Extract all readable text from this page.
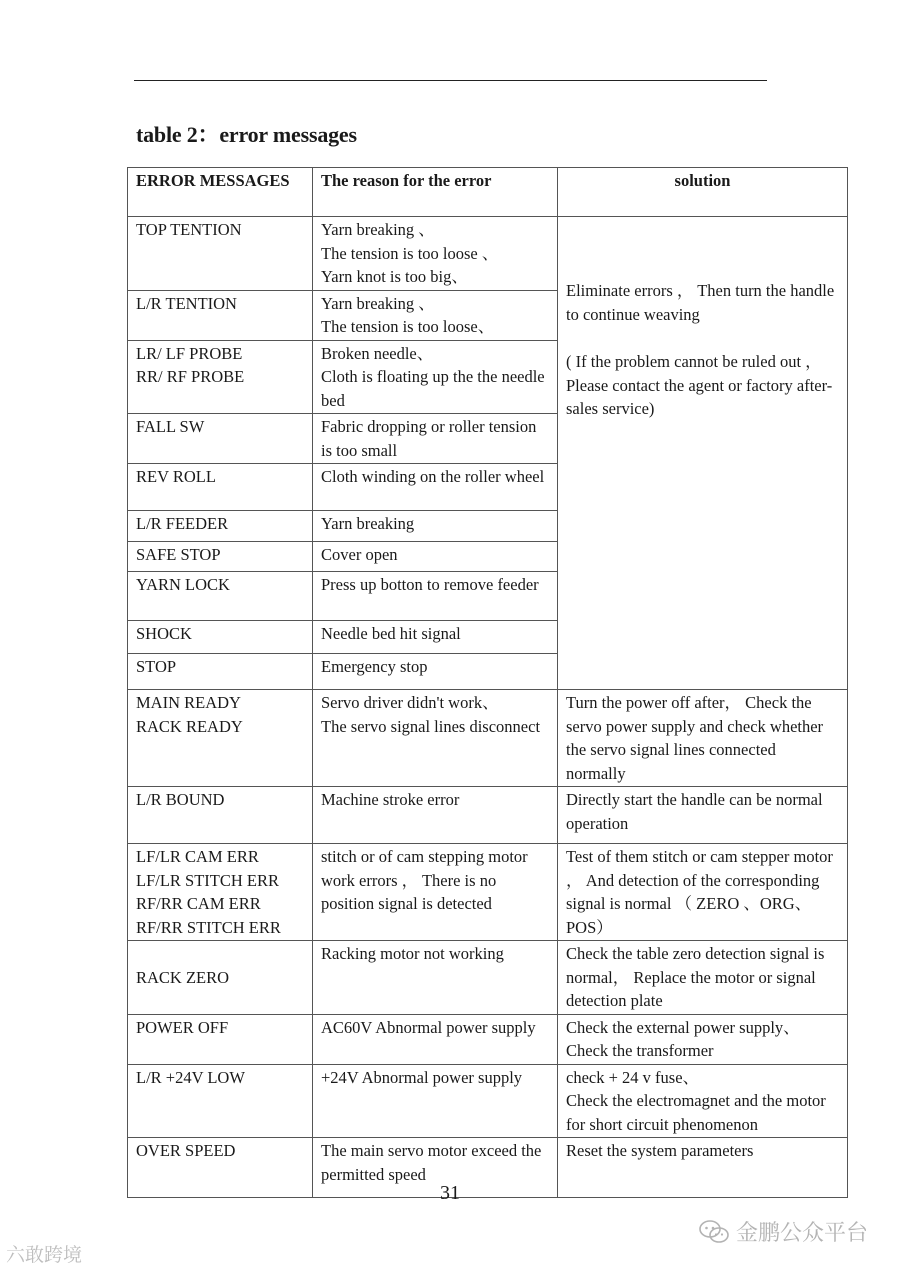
table 2：error messages
ERROR MESSAGES	The reason for the error	solution

TOP TENTION	Yarn breaking 、
The tension is too loose 、
Yarn knot is too big、	Eliminate errors ， Then turn the handle to continue weaving
( If the problem cannot be ruled out ， Please contact the agent or factory after-sales service)

L/R TENTION	Yarn breaking 、
The tension is too loose、	

LR/ LF PROBE
RR/ RF PROBE	Broken needle、
Cloth is floating up the the needle bed	

FALL SW	Fabric dropping or roller tension is too small	

REV ROLL	Cloth winding on the roller wheel	

L/R FEEDER	Yarn breaking	

SAFE STOP	Cover open	

YARN LOCK	Press up botton to remove feeder	

SHOCK	Needle bed hit signal	

STOP	Emergency stop	

MAIN READY
RACK READY	Servo driver didn't work、
The servo signal lines disconnect	Turn the power off after， Check the servo power supply and check whether the servo signal lines connected normally

L/R BOUND	Machine stroke error	Directly start the handle can be normal operation

LF/LR CAM ERR
LF/LR STITCH ERR
RF/RR CAM ERR
RF/RR STITCH ERR	stitch or of cam stepping motor work errors ， There is no position signal is detected	Test of them stitch or cam stepper motor ， And detection of the corresponding signal is normal （ ZERO 、ORG、POS）

RACK ZERO	Racking motor not working	Check the table zero detection signal is normal， Replace the motor or signal detection plate

POWER OFF	AC60V Abnormal power supply	Check the external power supply、
Check the transformer

L/R +24V LOW	+24V Abnormal power supply	check + 24 v fuse、
Check the electromagnet and the motor for short circuit phenomenon

OVER SPEED	The main servo motor exceed the permitted speed	Reset the system parameters
31
六敢跨境
金鹏公众平台
